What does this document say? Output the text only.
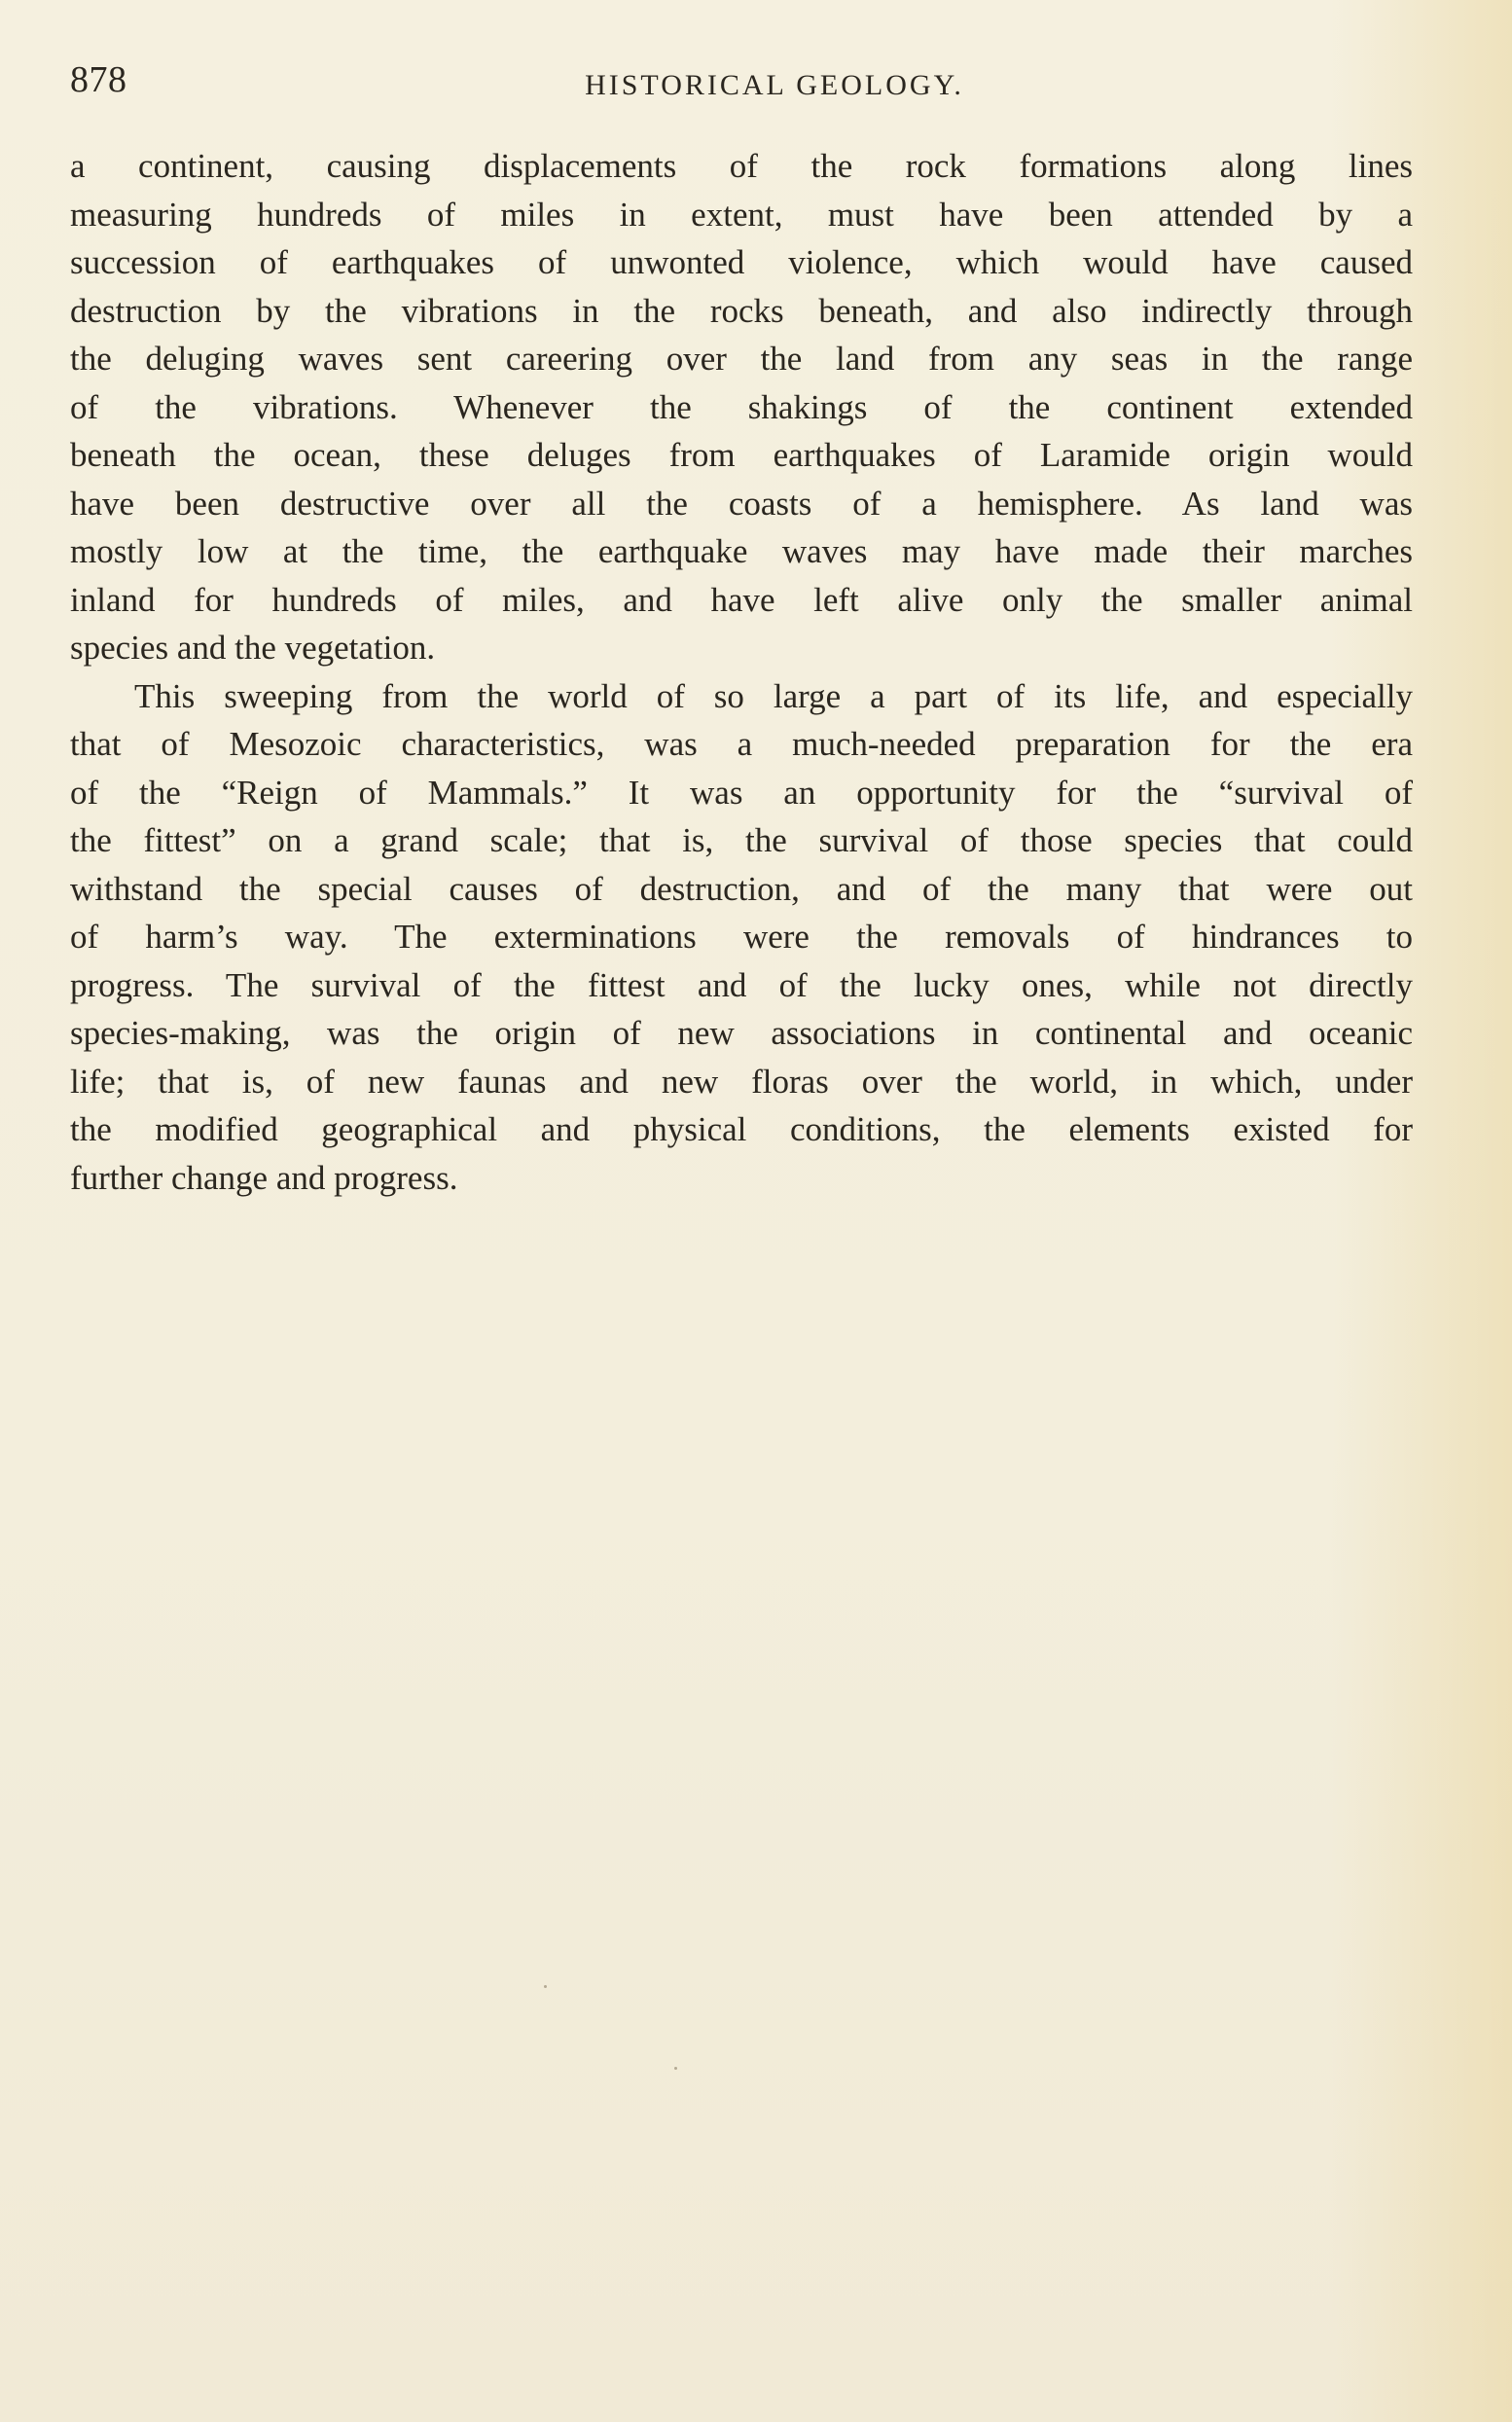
878	HISTORICAL GEOLOGY.
a continent, causing displacements of the rock formations along lines
measuring hundreds of miles in extent, must have been attended by a
succession of earthquakes of unwonted violence, which would have caused
destruction by the vibrations in the rocks beneath, and also indirectly through
the deluging waves sent careering over the land from any seas in the range
of the vibrations. Whenever the shakings of the continent extended
beneath the ocean, these deluges from earthquakes of Laramide origin would
have been destructive over all the coasts of a hemisphere. As land was
mostly low at the time, the earthquake waves may have made their marches
inland for hundreds of miles, and have left alive only the smaller animal
species and the vegetation.
This sweeping from the world of so large a part of its life, and especially
that of Mesozoic characteristics, was a much-needed preparation for the era
of the “Reign of Mammals.” It was an opportunity for the “survival of
the fittest” on a grand scale; that is, the survival of those species that could
withstand the special causes of destruction, and of the many that were out
of harm’s way. The exterminations were the removals of hindrances to
progress. The survival of the fittest and of the lucky ones, while not directly
species-making, was the origin of new associations in continental and oceanic
life; that is, of new faunas and new floras over the world, in which, under
the modified geographical and physical conditions, the elements existed for
further change and progress.
